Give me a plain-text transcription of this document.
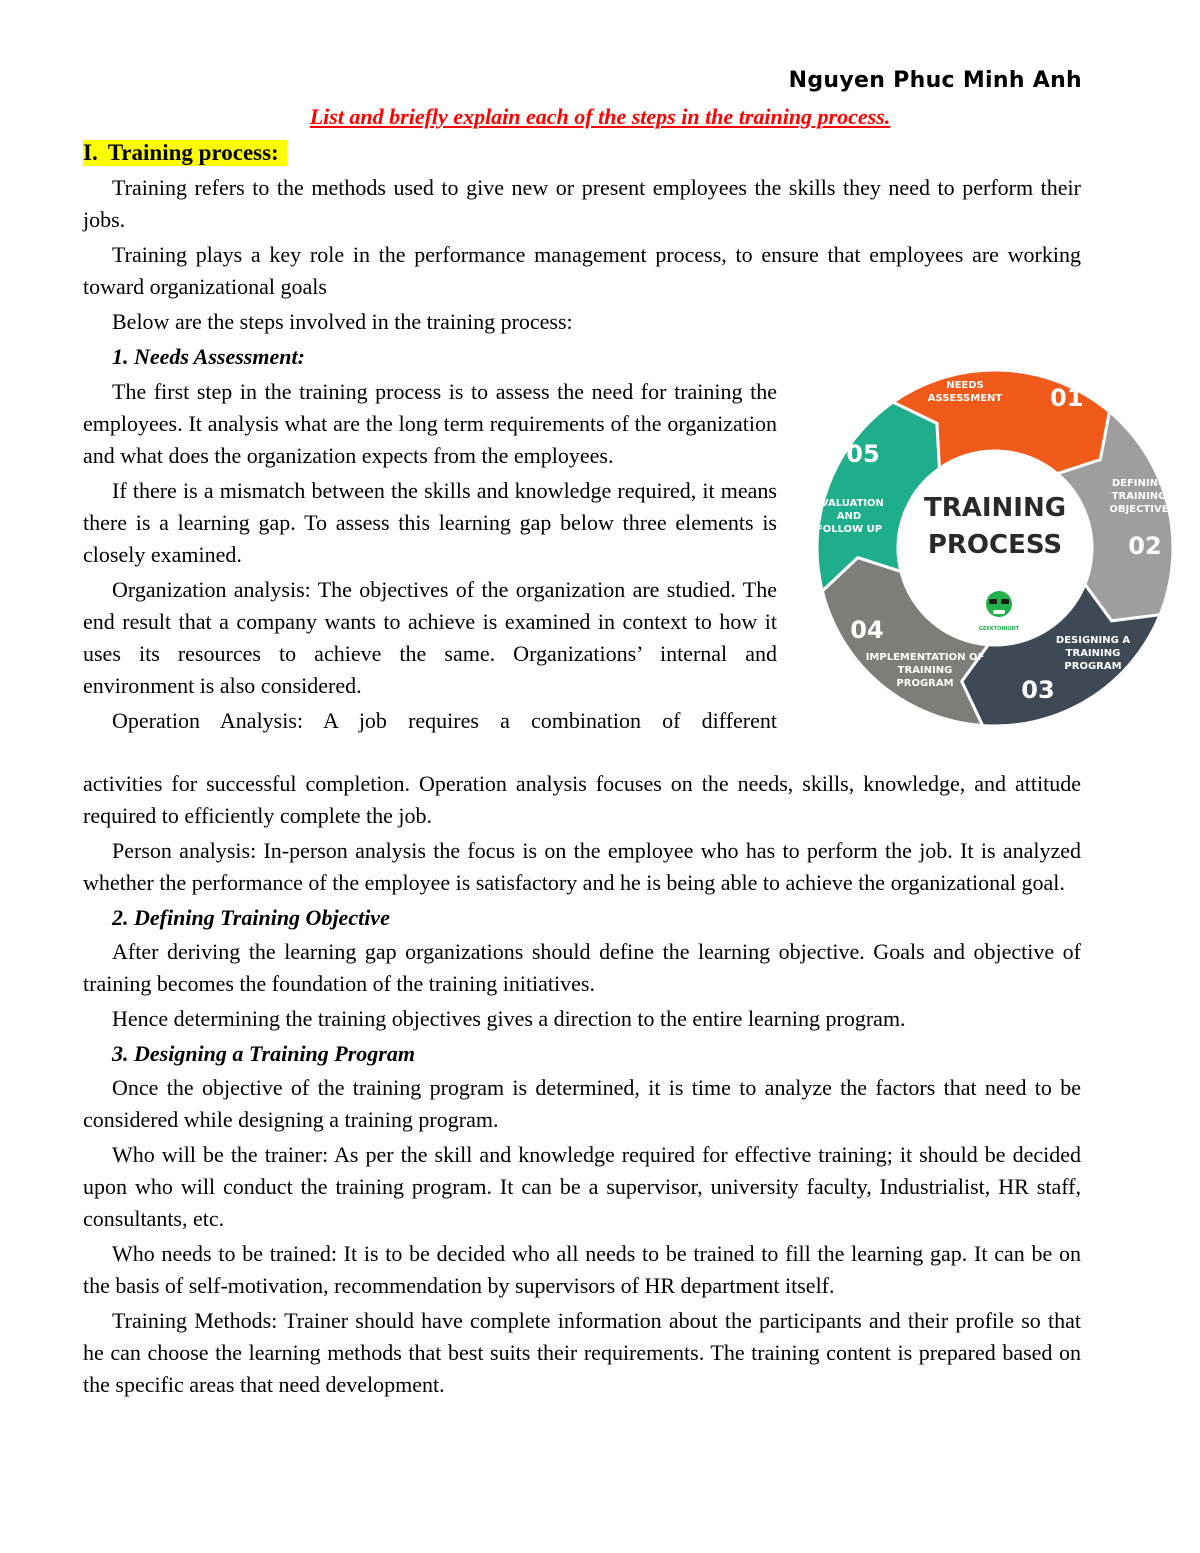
Nguyen Phuc Minh Anh
List and briefly explain each of the steps in the training process.
I. Training process:

Training refers to the methods used to give new or present employees the skills they need to perform their jobs.

Training plays a key role in the performance management process, to ensure that employees are working toward organizational goals

Below are the steps involved in the training process:

1. Needs Assessment:

The first step in the training process is to assess the need for training the employees. It analysis what are the long term requirements of the organization and what does the organization expects from the employees.

If there is a mismatch between the skills and knowledge required, it means there is a learning gap. To assess this learning gap below three elements is closely examined.

Organization analysis: The objectives of the organization are studied. The end result that a company wants to achieve is examined in context to how it uses its resources to achieve the same. Organizations’ internal and environment is also considered.

Operation Analysis: A job requires a combination of different

activities for successful completion. Operation analysis focuses on the needs, skills, knowledge, and attitude required to efficiently complete the job.

Person analysis: In-person analysis the focus is on the employee who has to perform the job. It is analyzed whether the performance of the employee is satisfactory and he is being able to achieve the organizational goal.

2. Defining Training Objective

After deriving the learning gap organizations should define the learning objective. Goals and objective of training becomes the foundation of the training initiatives.

Hence determining the training objectives gives a direction to the entire learning program.

3. Designing a Training Program

Once the objective of the training program is determined, it is time to analyze the factors that need to be considered while designing a training program.

Who will be the trainer: As per the skill and knowledge required for effective training; it should be decided upon who will conduct the training program. It can be a supervisor, university faculty, Industrialist, HR staff, consultants, etc.

Who needs to be trained: It is to be decided who all needs to be trained to fill the learning gap. It can be on the basis of self-motivation, recommendation by supervisors of HR department itself.

Training Methods: Trainer should have complete information about the participants and their profile so that he can choose the learning methods that best suits their requirements. The training content is prepared based on the specific areas that need development.

TRAINING
PROCESS
GEEKTONIGHT
01
NEEDS
ASSESSMENT
02
DEFINING
TRAINING
OBJECTIVE
03
DESIGNING A
TRAINING
PROGRAM
04
IMPLEMENTATION OF
TRAINING
PROGRAM
05
EVALUATION
AND
FOLLOW UP
